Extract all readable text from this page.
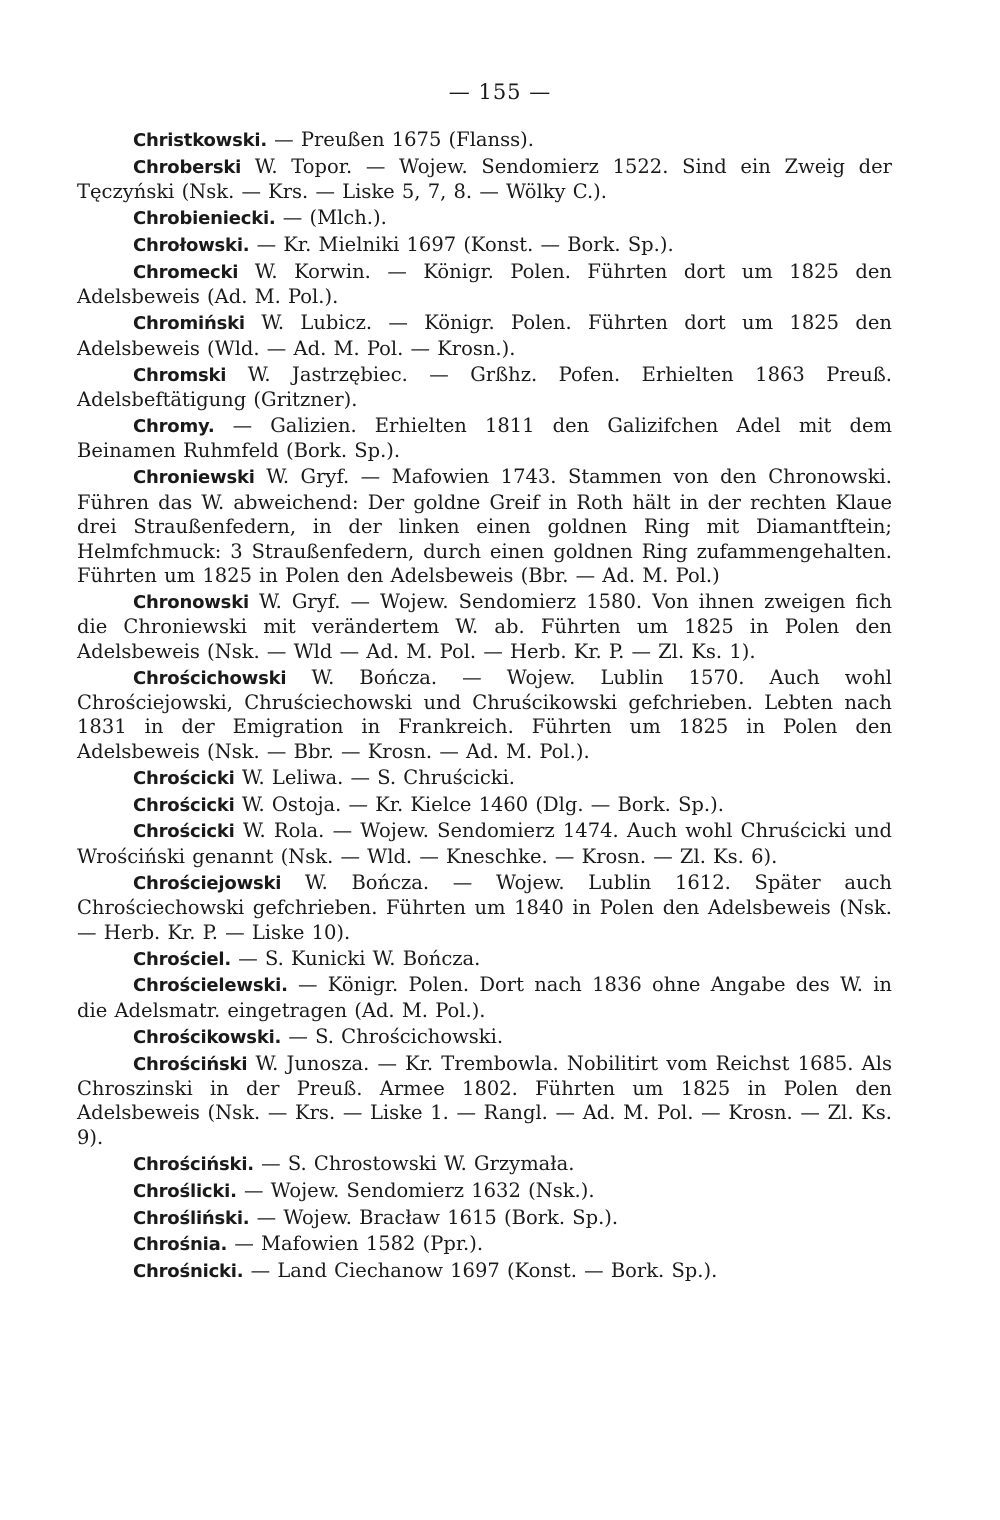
— 155 —

Christkowski. — Preußen 1675 (Flanss).

Chroberski W. Topor. — Wojew. Sendomierz 1522. Sind ein Zweig der Tęczyński (Nsk. — Krs. — Liske 5, 7, 8. — Wölky C.).

Chrobieniecki. — (Mlch.).

Chrołowski. — Kr. Mielniki 1697 (Konst. — Bork. Sp.).

Chromecki W. Korwin. — Königr. Polen. Führten dort um 1825 den Adelsbeweis (Ad. M. Pol.).

Chromiński W. Lubicz. — Königr. Polen. Führten dort um 1825 den Adelsbeweis (Wld. — Ad. M. Pol. — Krosn.).

Chromski W. Jastrzębiec. — Grßhz. Pofen. Erhielten 1863 Preuß. Adelsbeftätigung (Gritzner).

Chromy. — Galizien. Erhielten 1811 den Galizifchen Adel mit dem Beinamen Ruhmfeld (Bork. Sp.).

Chroniewski W. Gryf. — Mafowien 1743. Stammen von den Chronowski. Führen das W. abweichend: Der goldne Greif in Roth hält in der rechten Klaue drei Straußenfedern, in der linken einen goldnen Ring mit Diamantftein; Helmfchmuck: 3 Straußenfedern, durch einen goldnen Ring zufammengehalten. Führten um 1825 in Polen den Adelsbeweis (Bbr. — Ad. M. Pol.)

Chronowski W. Gryf. — Wojew. Sendomierz 1580. Von ihnen zweigen fich die Chroniewski mit verändertem W. ab. Führten um 1825 in Polen den Adelsbeweis (Nsk. — Wld — Ad. M. Pol. — Herb. Kr. P. — Zl. Ks. 1).

Chrościchowski W. Bończa. — Wojew. Lublin 1570. Auch wohl Chrościejowski, Chruściechowski und Chruścikowski gefchrieben. Lebten nach 1831 in der Emigration in Frankreich. Führten um 1825 in Polen den Adelsbeweis (Nsk. — Bbr. — Krosn. — Ad. M. Pol.).

Chrościcki W. Leliwa. — S. Chruścicki.

Chrościcki W. Ostoja. — Kr. Kielce 1460 (Dlg. — Bork. Sp.).

Chrościcki W. Rola. — Wojew. Sendomierz 1474. Auch wohl Chruścicki und Wrościński genannt (Nsk. — Wld. — Kneschke. — Krosn. — Zl. Ks. 6).

Chrościejowski W. Bończa. — Wojew. Lublin 1612. Später auch Chrościechowski gefchrieben. Führten um 1840 in Polen den Adelsbeweis (Nsk. — Herb. Kr. P. — Liske 10).

Chrościel. — S. Kunicki W. Bończa.

Chrościelewski. — Königr. Polen. Dort nach 1836 ohne Angabe des W. in die Adelsmatr. eingetragen (Ad. M. Pol.).

Chrościkowski. — S. Chrościchowski.

Chrościński W. Junosza. — Kr. Trembowla. Nobilitirt vom Reichst 1685. Als Chroszinski in der Preuß. Armee 1802. Führten um 1825 in Polen den Adelsbeweis (Nsk. — Krs. — Liske 1. — Rangl. — Ad. M. Pol. — Krosn. — Zl. Ks. 9).

Chrościński. — S. Chrostowski W. Grzymała.

Chroślicki. — Wojew. Sendomierz 1632 (Nsk.).

Chrośliński. — Wojew. Bracław 1615 (Bork. Sp.).

Chrośnia. — Mafowien 1582 (Ppr.).

Chrośnicki. — Land Ciechanow 1697 (Konst. — Bork. Sp.).
